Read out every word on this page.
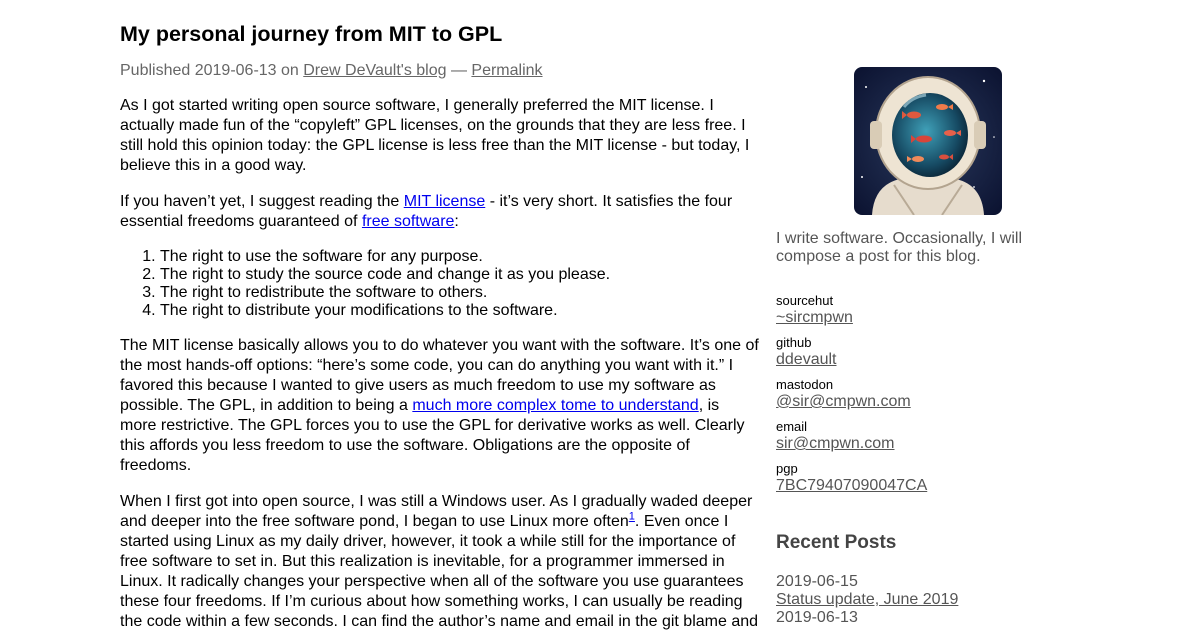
My personal journey from MIT to GPL
Published 2019-06-13 on Drew DeVault's blog — Permalink

As I got started writing open source software, I generally preferred the MIT license. I actually made fun of the “copyleft” GPL licenses, on the grounds that they are less free. I still hold this opinion today: the GPL license is less free than the MIT license - but today, I believe this in a good way.

If you haven’t yet, I suggest reading the MIT license - it’s very short. It satisfies the four essential freedoms guaranteed of free software:

1. The right to use the software for any purpose.
2. The right to study the source code and change it as you please.
3. The right to redistribute the software to others.
4. The right to distribute your modifications to the software.

The MIT license basically allows you to do whatever you want with the software. It’s one of the most hands-off options: “here’s some code, you can do anything you want with it.” I favored this because I wanted to give users as much freedom to use my software as possible. The GPL, in addition to being a much more complex tome to understand, is more restrictive. The GPL forces you to use the GPL for derivative works as well. Clearly this affords you less freedom to use the software. Obligations are the opposite of freedoms.

When I first got into open source, I was still a Windows user. As I gradually waded deeper and deeper into the free software pond, I began to use Linux more often$^1$. Even once I started using Linux as my daily driver, however, it took a while still for the importance of free software to set in. But this realization is inevitable, for a programmer immersed in Linux. It radically changes your perspective when all of the software you use guarantees these four freedoms. If I’m curious about how something works, I can usually be reading the code within a few seconds. I can find the author’s name and email in the git blame and

I write software. Occasionally, I will compose a post for this blog.

sourcehut
~sircmpwn
github
ddevault
mastodon
@sir@cmpwn.com
email
sir@cmpwn.com
pgp
7BC79407090047CA
Recent Posts
2019-06-15
Status update, June 2019
2019-06-13
